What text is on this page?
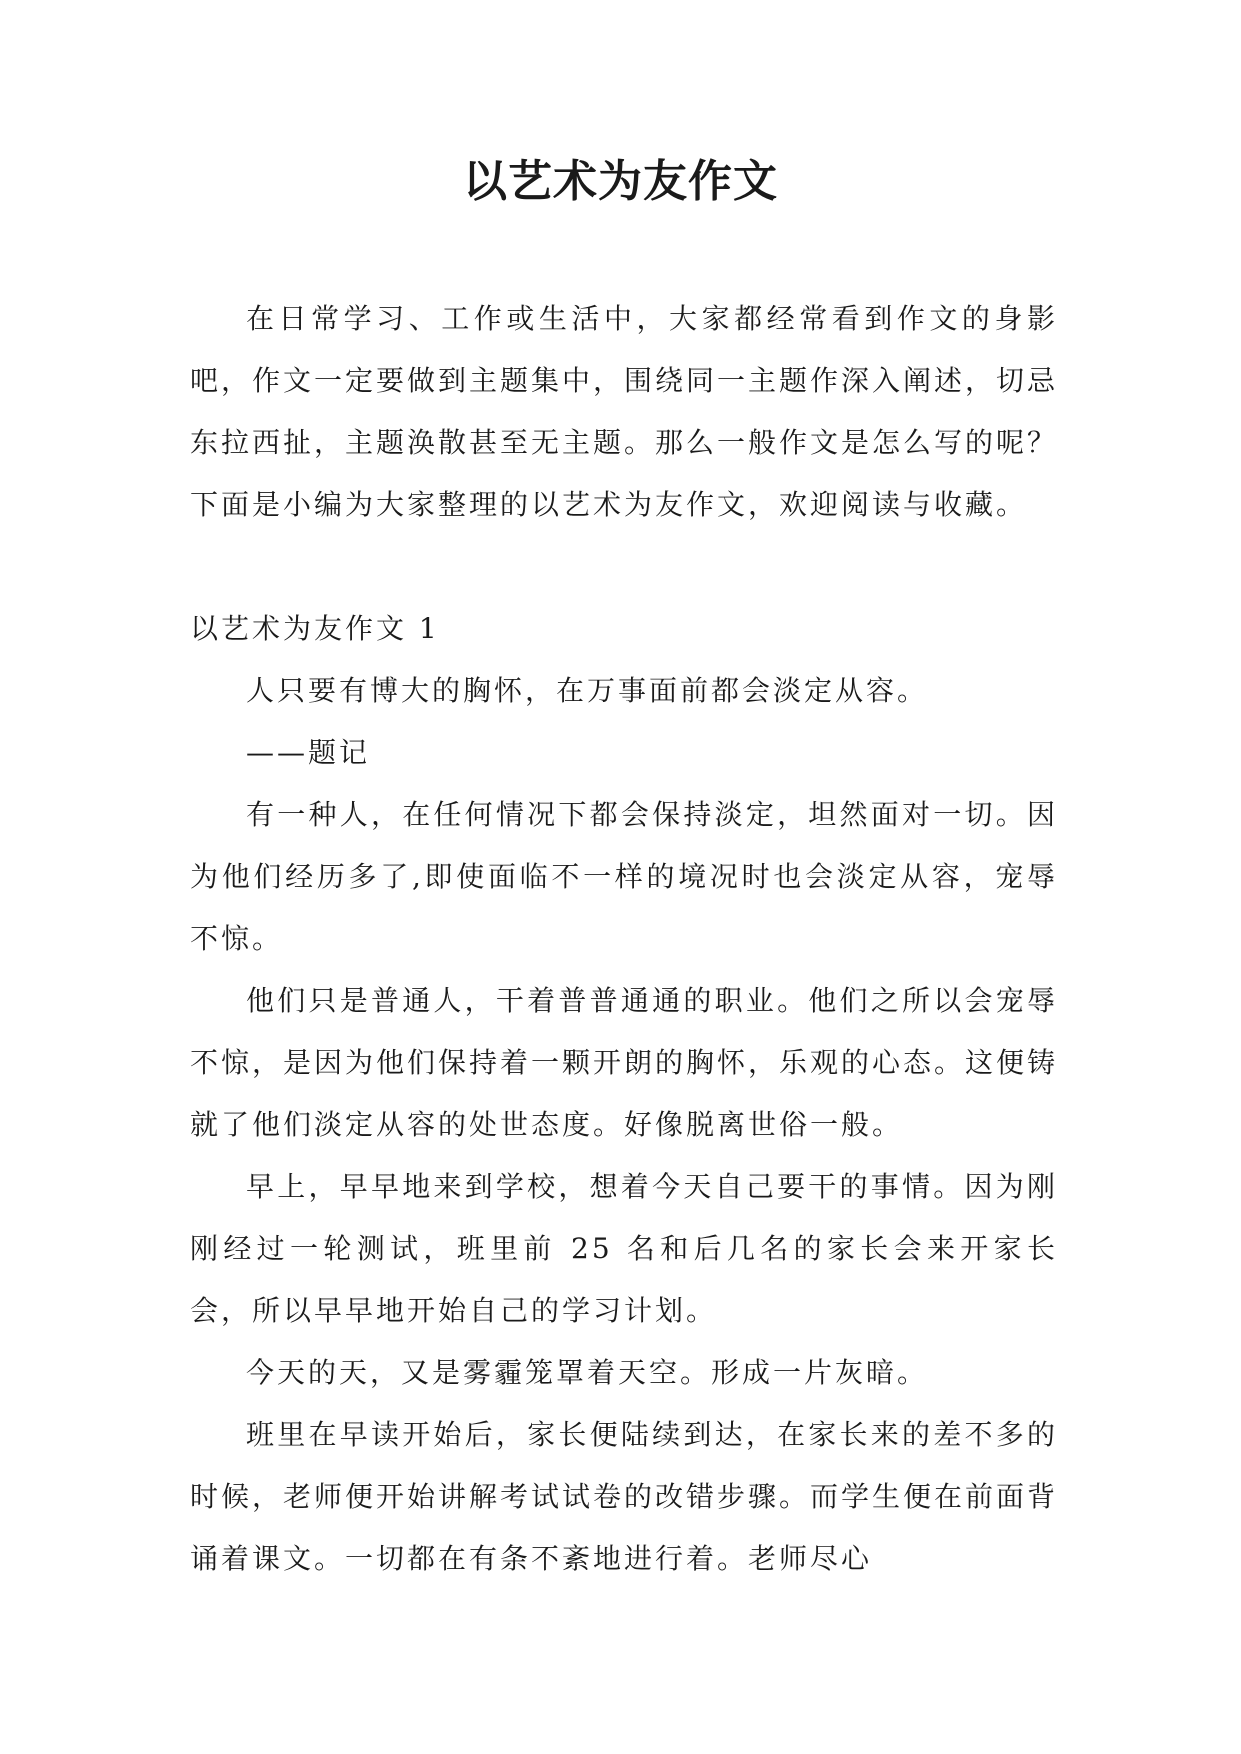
以艺术为友作文

在日常学习、工作或生活中，大家都经常看到作文的身影吧，作文一定要做到主题集中，围绕同一主题作深入阐述，切忌东拉西扯，主题涣散甚至无主题。那么一般作文是怎么写的呢？下面是小编为大家整理的以艺术为友作文，欢迎阅读与收藏。

以艺术为友作文 1

人只要有博大的胸怀，在万事面前都会淡定从容。

——题记

有一种人，在任何情况下都会保持淡定，坦然面对一切。因为他们经历多了,即使面临不一样的境况时也会淡定从容，宠辱不惊。

他们只是普通人，干着普普通通的职业。他们之所以会宠辱不惊，是因为他们保持着一颗开朗的胸怀，乐观的心态。这便铸就了他们淡定从容的处世态度。好像脱离世俗一般。

早上，早早地来到学校，想着今天自己要干的事情。因为刚刚经过一轮测试，班里前 25 名和后几名的家长会来开家长会，所以早早地开始自己的学习计划。

今天的天，又是雾霾笼罩着天空。形成一片灰暗。

班里在早读开始后，家长便陆续到达，在家长来的差不多的时候，老师便开始讲解考试试卷的改错步骤。而学生便在前面背诵着课文。一切都在有条不紊地进行着。老师尽心
